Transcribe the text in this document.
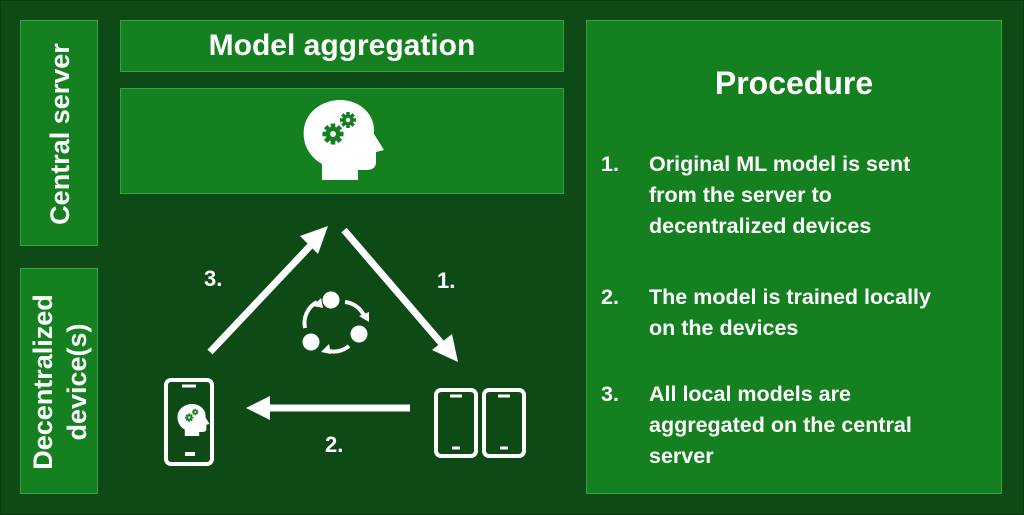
Central server
Decentralized device(s)
Model aggregation
Procedure
1. Original ML model is sent
from the server to
decentralized devices
2. The model is trained locally
on the devices
3. All local models are
aggregated on the central
server
3.	1.
2.
